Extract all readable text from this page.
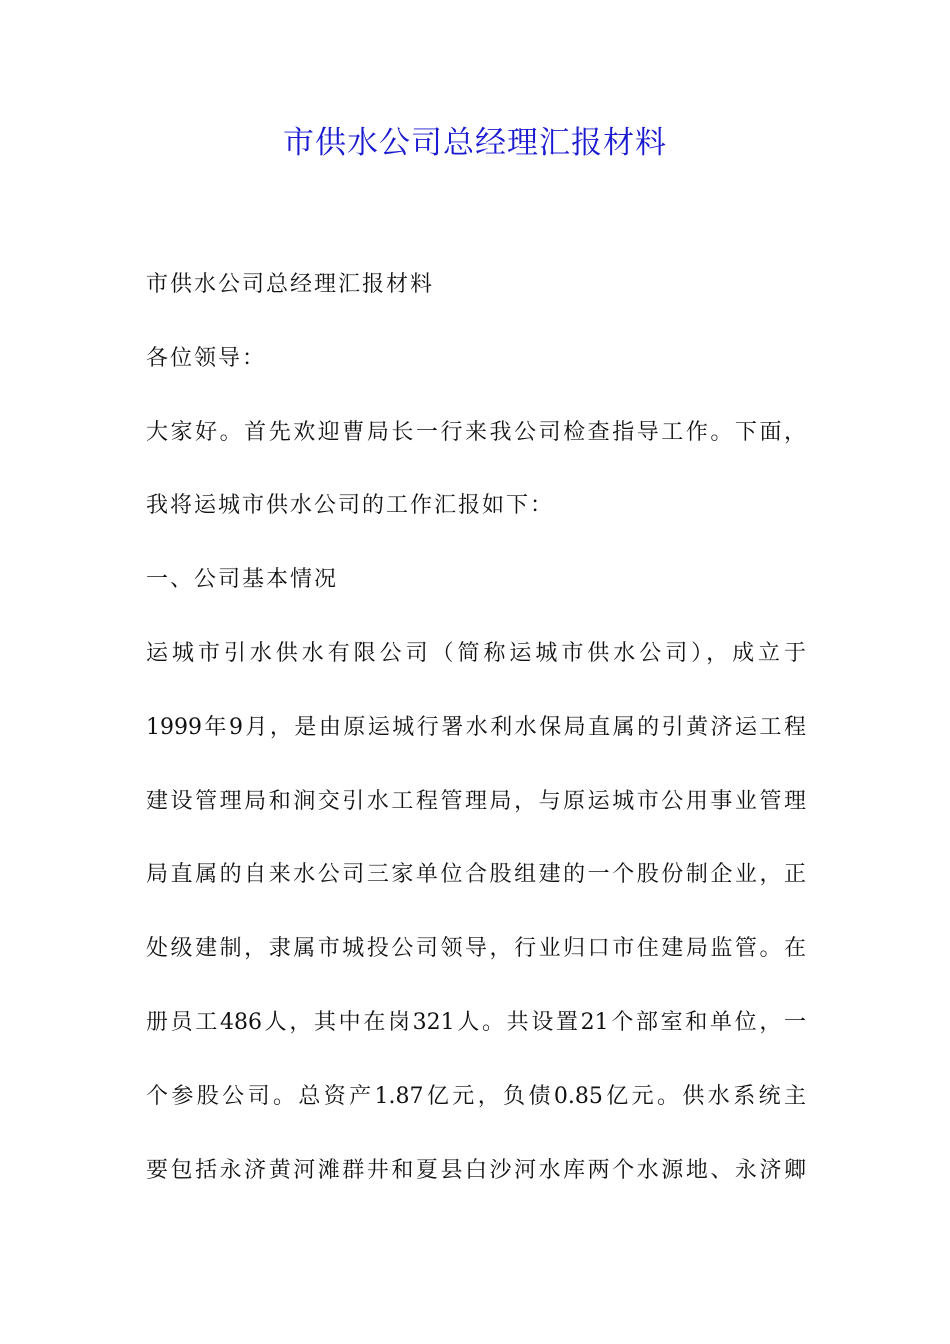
市供水公司总经理汇报材料
市供水公司总经理汇报材料
各位领导：
大家好。首先欢迎曹局长一行来我公司检查指导工作。下面，
我将运城市供水公司的工作汇报如下：
一、公司基本情况
运城市引水供水有限公司（简称运城市供水公司），成立于
1999年9月，是由原运城行署水利水保局直属的引黄济运工程
建设管理局和涧交引水工程管理局，与原运城市公用事业管理
局直属的自来水公司三家单位合股组建的一个股份制企业，正
处级建制，隶属市城投公司领导，行业归口市住建局监管。在
册员工486人，其中在岗321人。共设置21个部室和单位，一
个参股公司。总资产1.87亿元，负债0.85亿元。供水系统主
要包括永济黄河滩群井和夏县白沙河水库两个水源地、永济卿
